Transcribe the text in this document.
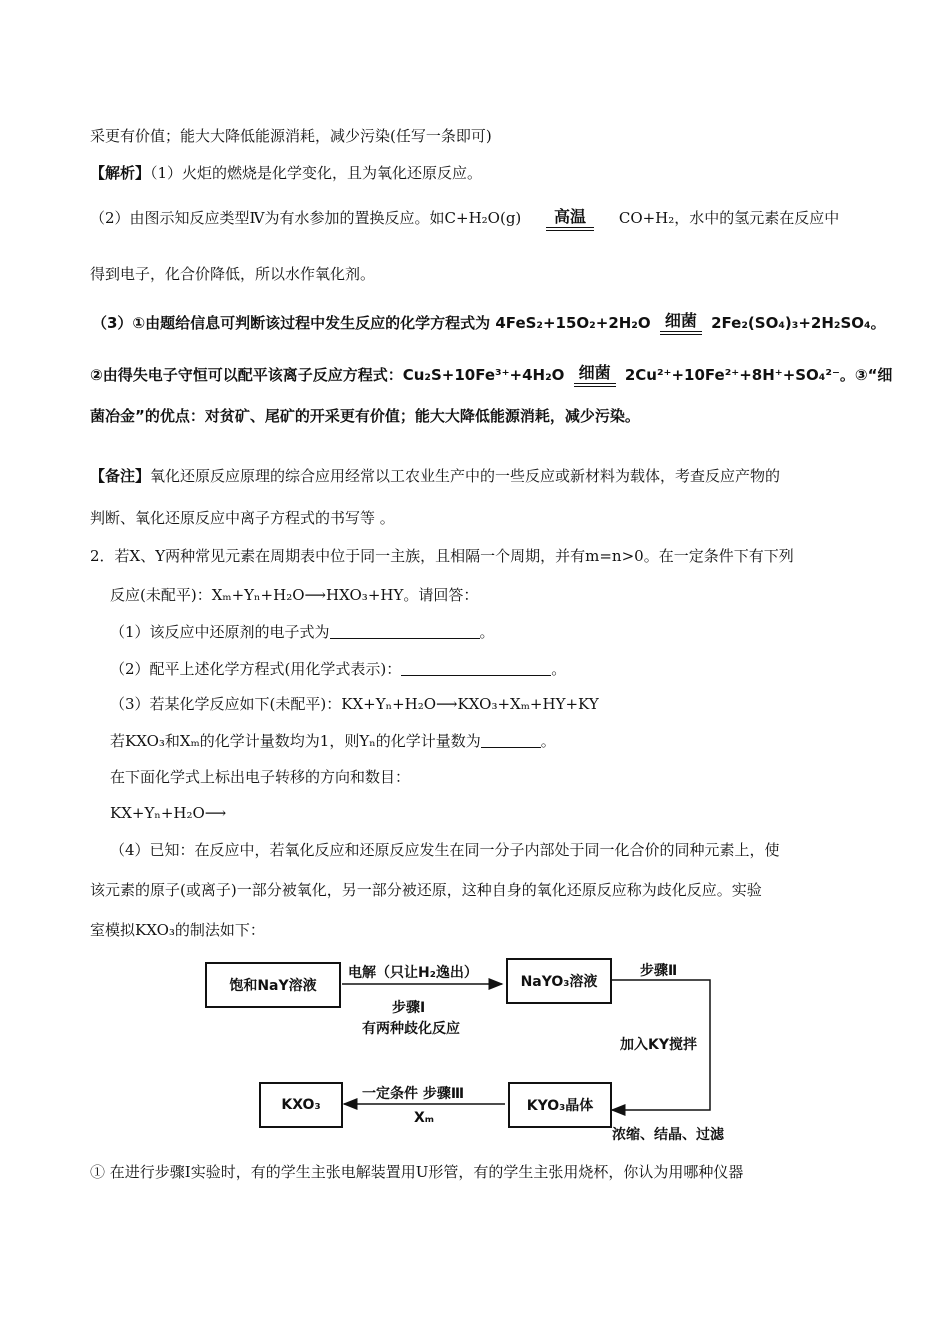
采更有价值；能大大降低能源消耗，减少污染(任写一条即可)
【解析】（1）火炬的燃烧是化学变化，且为氧化还原反应。
（2）由图示知反应类型Ⅳ为有水参加的置换反应。如C+H₂O(g)	高温	CO+H₂，水中的氢元素在反应中
得到电子，化合价降低，所以水作氧化剂。
（3）①由题给信息可判断该过程中发生反应的化学方程式为 4FeS₂+15O₂+2H₂O 细菌 2Fe₂(SO₄)₃+2H₂SO₄。
②由得失电子守恒可以配平该离子反应方程式：Cu₂S+10Fe³⁺+4H₂O 细菌 2Cu²⁺+10Fe²⁺+8H⁺+SO₄²⁻。③“细
菌冶金”的优点：对贫矿、尾矿的开采更有价值；能大大降低能源消耗，减少污染。
【备注】氧化还原反应原理的综合应用经常以工农业生产中的一些反应或新材料为载体，考查反应产物的
判断、氧化还原反应中离子方程式的书写等 。
2．若X、Y两种常见元素在周期表中位于同一主族，且相隔一个周期，并有m=n>0。在一定条件下有下列
反应(未配平)：Xₘ+Yₙ+H₂O⟶HXO₃+HY。请回答：
（1）该反应中还原剂的电子式为	。
（2）配平上述化学方程式(用化学式表示)：	。
（3）若某化学反应如下(未配平)：KX+Yₙ+H₂O⟶KXO₃+Xₘ+HY+KY
若KXO₃和Xₘ的化学计量数均为1，则Yₙ的化学计量数为	。
在下面化学式上标出电子转移的方向和数目：
KX+Yₙ+H₂O⟶
（4）已知：在反应中，若氧化反应和还原反应发生在同一分子内部处于同一化合价的同种元素上，使
该元素的原子(或离子)一部分被氧化，另一部分被还原，这种自身的氧化还原反应称为歧化反应。实验
室模拟KXO₃的制法如下：
饱和NaY溶液	NaYO₃溶液
KYO₃晶体
KXO₃
电解（只让H₂逸出）
步骤Ⅰ
有两种歧化反应
步骤Ⅱ
加入KY搅拌
浓缩、结晶、过滤
一定条件 步骤Ⅲ
Xₘ
① 在进行步骤Ⅰ实验时，有的学生主张电解装置用U形管，有的学生主张用烧杯，你认为用哪种仪器
